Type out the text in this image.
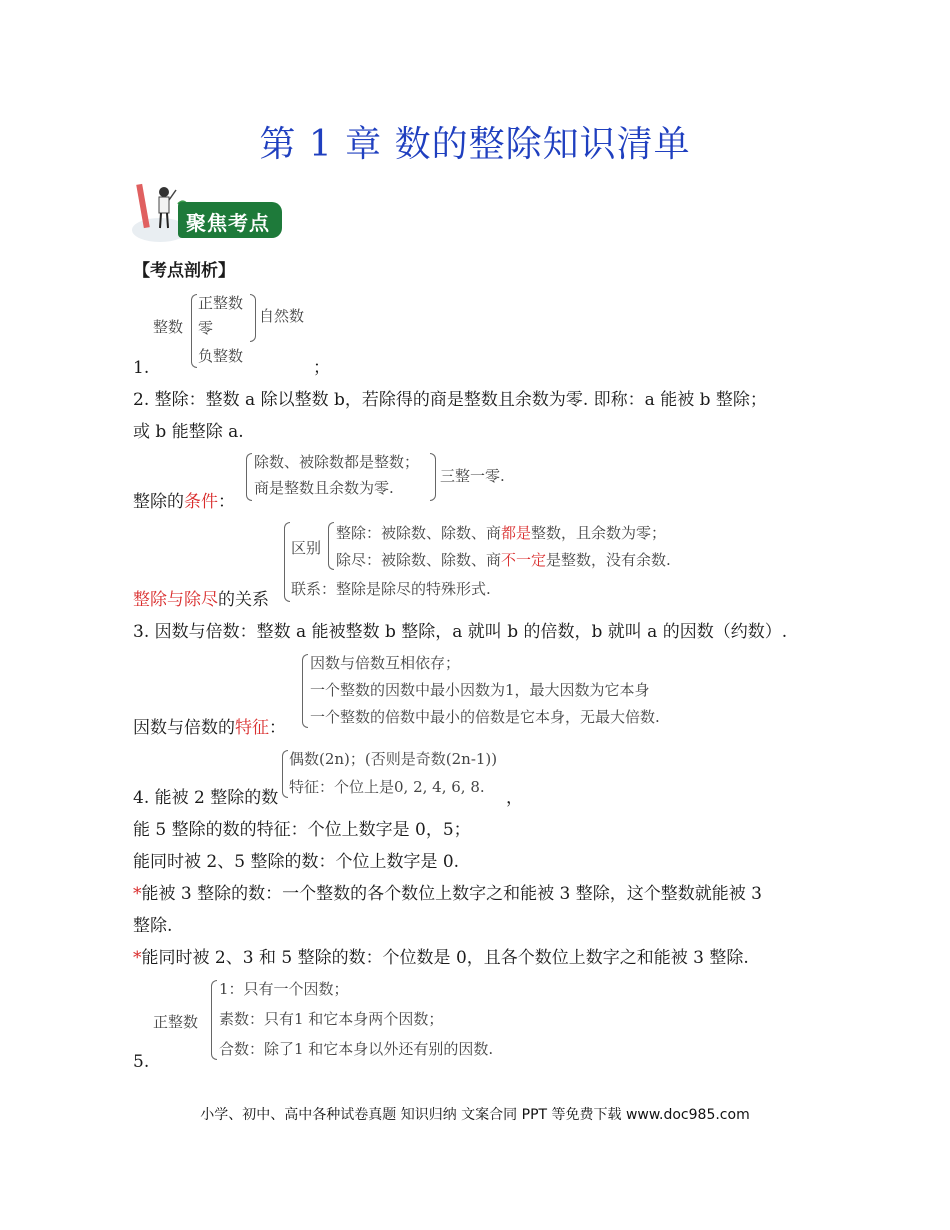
第 1 章 数的整除知识清单
聚焦考点
【考点剖析】
整数
正整数
零
负整数
自然数
1.	；
2. 整除：整数 a 除以整数 b，若除得的商是整数且余数为零. 即称：a 能被 b 整除；
或 b 能整除 a.
整除的条件：
除数、被除数都是整数；
商是整数且余数为零.
三整一零.
区别
整除：被除数、除数、商都是整数，且余数为零；
除尽：被除数、除数、商不一定是整数，没有余数.
联系：整除是除尽的特殊形式.
整除与除尽的关系
3. 因数与倍数：整数 a 能被整数 b 整除，a 就叫 b 的倍数，b 就叫 a 的因数（约数）.
因数与倍数互相依存；
一个整数的因数中最小因数为1，最大因数为它本身
一个整数的倍数中最小的倍数是它本身，无最大倍数.
因数与倍数的特征：
偶数(2n)；(否则是奇数(2n-1))
特征：个位上是0, 2, 4, 6, 8.
4. 能被 2 整除的数	，
能 5 整除的数的特征：个位上数字是 0，5；
能同时被 2、5 整除的数：个位上数字是 0.
*能被 3 整除的数：一个整数的各个数位上数字之和能被 3 整除，这个整数就能被 3
整除.
*能同时被 2、3 和 5 整除的数：个位数是 0，且各个数位上数字之和能被 3 整除.
正整数
1：只有一个因数；
素数：只有1 和它本身两个因数；
合数：除了1 和它本身以外还有别的因数.
5.
小学、初中、高中各种试卷真题 知识归纳 文案合同 PPT 等免费下载 www.doc985.com
